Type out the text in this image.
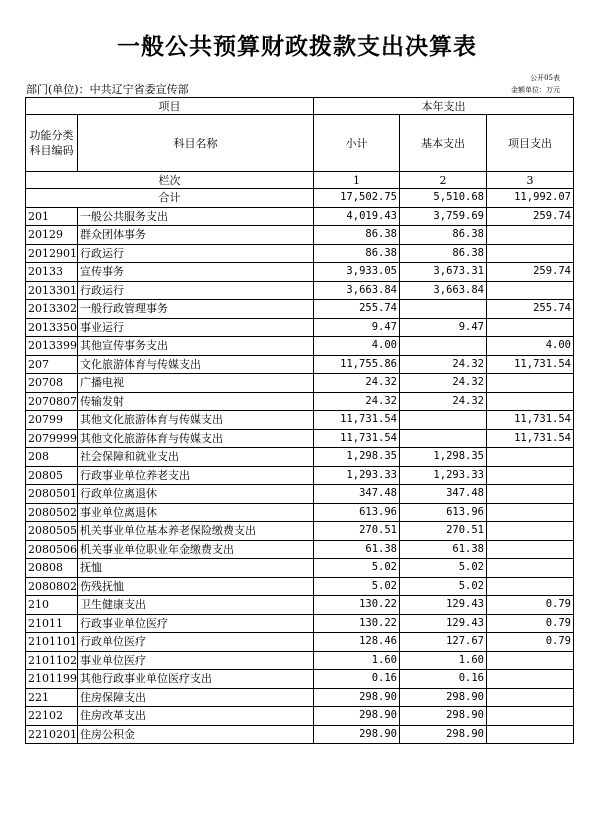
一般公共预算财政拨款支出决算表
公开05表
金额单位：万元
部门(单位)：中共辽宁省委宣传部
项目		本年支出		
功能分类科目编码	科目名称	小计	基本支出	项目支出
栏次		1	2	3
合计		17,502.75	5,510.68	11,992.07
201	一般公共服务支出	4,019.43	3,759.69	259.74
20129	群众团体事务	86.38	86.38	
2012901	行政运行	86.38	86.38	
20133	宣传事务	3,933.05	3,673.31	259.74
2013301	行政运行	3,663.84	3,663.84	
2013302	一般行政管理事务	255.74		255.74
2013350	事业运行	9.47	9.47	
2013399	其他宣传事务支出	4.00		4.00
207	文化旅游体育与传媒支出	11,755.86	24.32	11,731.54
20708	广播电视	24.32	24.32	
2070807	传输发射	24.32	24.32	
20799	其他文化旅游体育与传媒支出	11,731.54		11,731.54
2079999	其他文化旅游体育与传媒支出	11,731.54		11,731.54
208	社会保障和就业支出	1,298.35	1,298.35	
20805	行政事业单位养老支出	1,293.33	1,293.33	
2080501	行政单位离退休	347.48	347.48	
2080502	事业单位离退休	613.96	613.96	
2080505	机关事业单位基本养老保险缴费支出	270.51	270.51	
2080506	机关事业单位职业年金缴费支出	61.38	61.38	
20808	抚恤	5.02	5.02	
2080802	伤残抚恤	5.02	5.02	
210	卫生健康支出	130.22	129.43	0.79
21011	行政事业单位医疗	130.22	129.43	0.79
2101101	行政单位医疗	128.46	127.67	0.79
2101102	事业单位医疗	1.60	1.60	
2101199	其他行政事业单位医疗支出	0.16	0.16	
221	住房保障支出	298.90	298.90	
22102	住房改革支出	298.90	298.90	
2210201	住房公积金	298.90	298.90	
